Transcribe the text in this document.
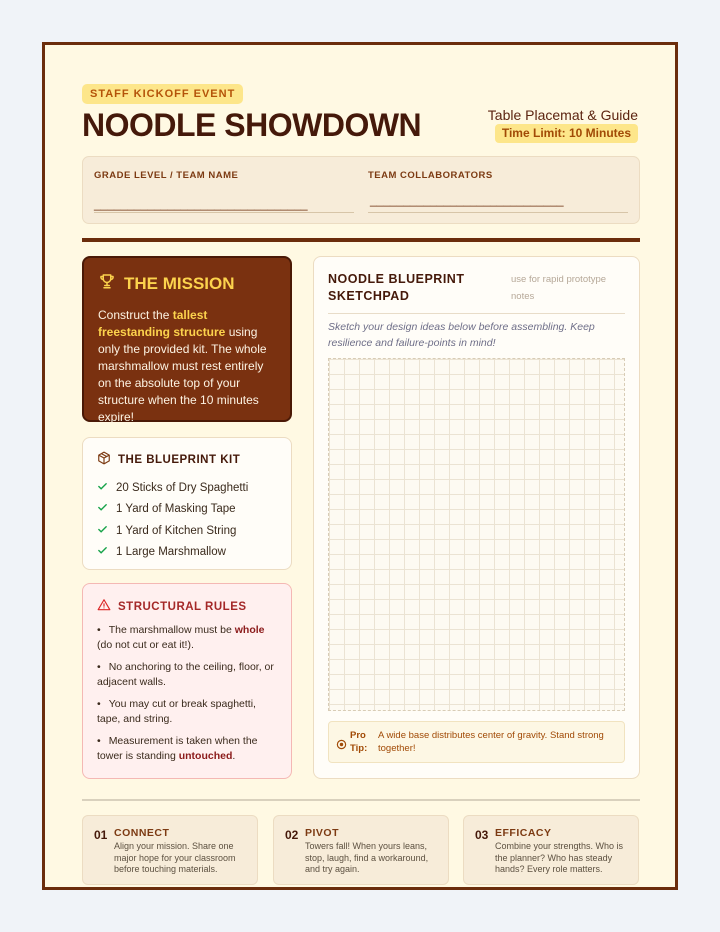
STAFF KICKOFF EVENT
NOODLE SHOWDOWN	Table Placemat & Guide
Time Limit: 10 Minutes
GRADE LEVEL / TEAM NAME
________________________________
TEAM COLLABORATORS
_____________________________
THE MISSION

Construct the tallest freestanding structure using only the provided kit. The whole marshmallow must rest entirely on the absolute top of your structure when the 10 minutes expire!

THE BLUEPRINT KIT
20 Sticks of Dry Spaghetti
1 Yard of Masking Tape
1 Yard of Kitchen String
1 Large Marshmallow
STRUCTURAL RULES
• The marshmallow must be whole (do not cut or eat it!).
• No anchoring to the ceiling, floor, or adjacent walls.
• You may cut or break spaghetti, tape, and string.
• Measurement is taken when the tower is standing untouched.
NOODLE BLUEPRINT SKETCHPAD
use for rapid prototype notes
Sketch your design ideas below before assembling. Keep resilience and failure-points in mind!
Pro Tip:
A wide base distributes center of gravity. Stand strong together!
01 CONNECT
Align your mission. Share one major hope for your classroom before touching materials.
02 PIVOT
Towers fall! When yours leans, stop, laugh, find a workaround, and try again.
03 EFFICACY
Combine your strengths. Who is the planner? Who has steady hands? Every role matters.
